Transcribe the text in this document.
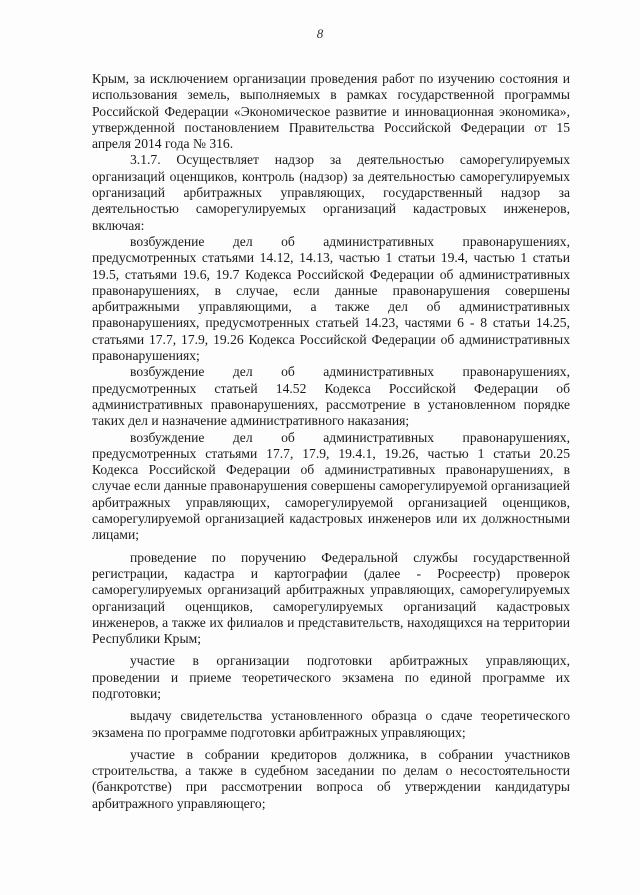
8

Крым, за исключением организации проведения работ по изучению состояния и использования земель, выполняемых в рамках государственной программы Российской Федерации «Экономическое развитие и инновационная экономика», утвержденной постановлением Правительства Российской Федерации от 15 апреля 2014 года № 316.

3.1.7. Осуществляет надзор за деятельностью саморегулируемых организаций оценщиков, контроль (надзор) за деятельностью саморегулируемых организаций арбитражных управляющих, государственный надзор за деятельностью саморегулируемых организаций кадастровых инженеров, включая:

возбуждение дел об административных правонарушениях, предусмотренных статьями 14.12, 14.13, частью 1 статьи 19.4, частью 1 статьи 19.5, статьями 19.6, 19.7 Кодекса Российской Федерации об административных правонарушениях, в случае, если данные правонарушения совершены арбитражными управляющими, а также дел об административных правонарушениях, предусмотренных статьей 14.23, частями 6 - 8 статьи 14.25, статьями 17.7, 17.9, 19.26 Кодекса Российской Федерации об административных правонарушениях;

возбуждение дел об административных правонарушениях, предусмотренных статьей 14.52 Кодекса Российской Федерации об административных правонарушениях, рассмотрение в установленном порядке таких дел и назначение административного наказания;

возбуждение дел об административных правонарушениях, предусмотренных статьями 17.7, 17.9, 19.4.1, 19.26, частью 1 статьи 20.25 Кодекса Российской Федерации об административных правонарушениях, в случае если данные правонарушения совершены саморегулируемой организацией арбитражных управляющих, саморегулируемой организацией оценщиков, саморегулируемой организацией кадастровых инженеров или их должностными лицами;

проведение по поручению Федеральной службы государственной регистрации, кадастра и картографии (далее - Росреестр) проверок саморегулируемых организаций арбитражных управляющих, саморегулируемых организаций оценщиков, саморегулируемых организаций кадастровых инженеров, а также их филиалов и представительств, находящихся на территории Республики Крым;

участие в организации подготовки арбитражных управляющих, проведении и приеме теоретического экзамена по единой программе их подготовки;

выдачу свидетельства установленного образца о сдаче теоретического экзамена по программе подготовки арбитражных управляющих;

участие в собрании кредиторов должника, в собрании участников строительства, а также в судебном заседании по делам о несостоятельности (банкротстве) при рассмотрении вопроса об утверждении кандидатуры арбитражного управляющего;
